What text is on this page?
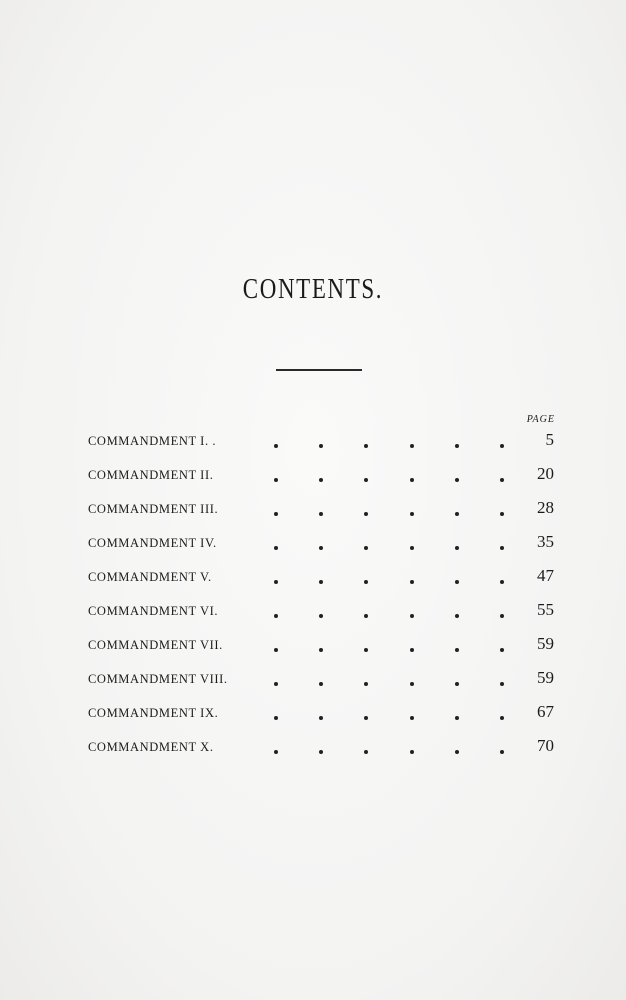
CONTENTS.
PAGE
COMMANDMENT I. .	5
COMMANDMENT II.	20
COMMANDMENT III.	28
COMMANDMENT IV.	35
COMMANDMENT V.	47
COMMANDMENT VI.	55
COMMANDMENT VII.	59
COMMANDMENT VIII.	59
COMMANDMENT IX.	67
COMMANDMENT X.	70
